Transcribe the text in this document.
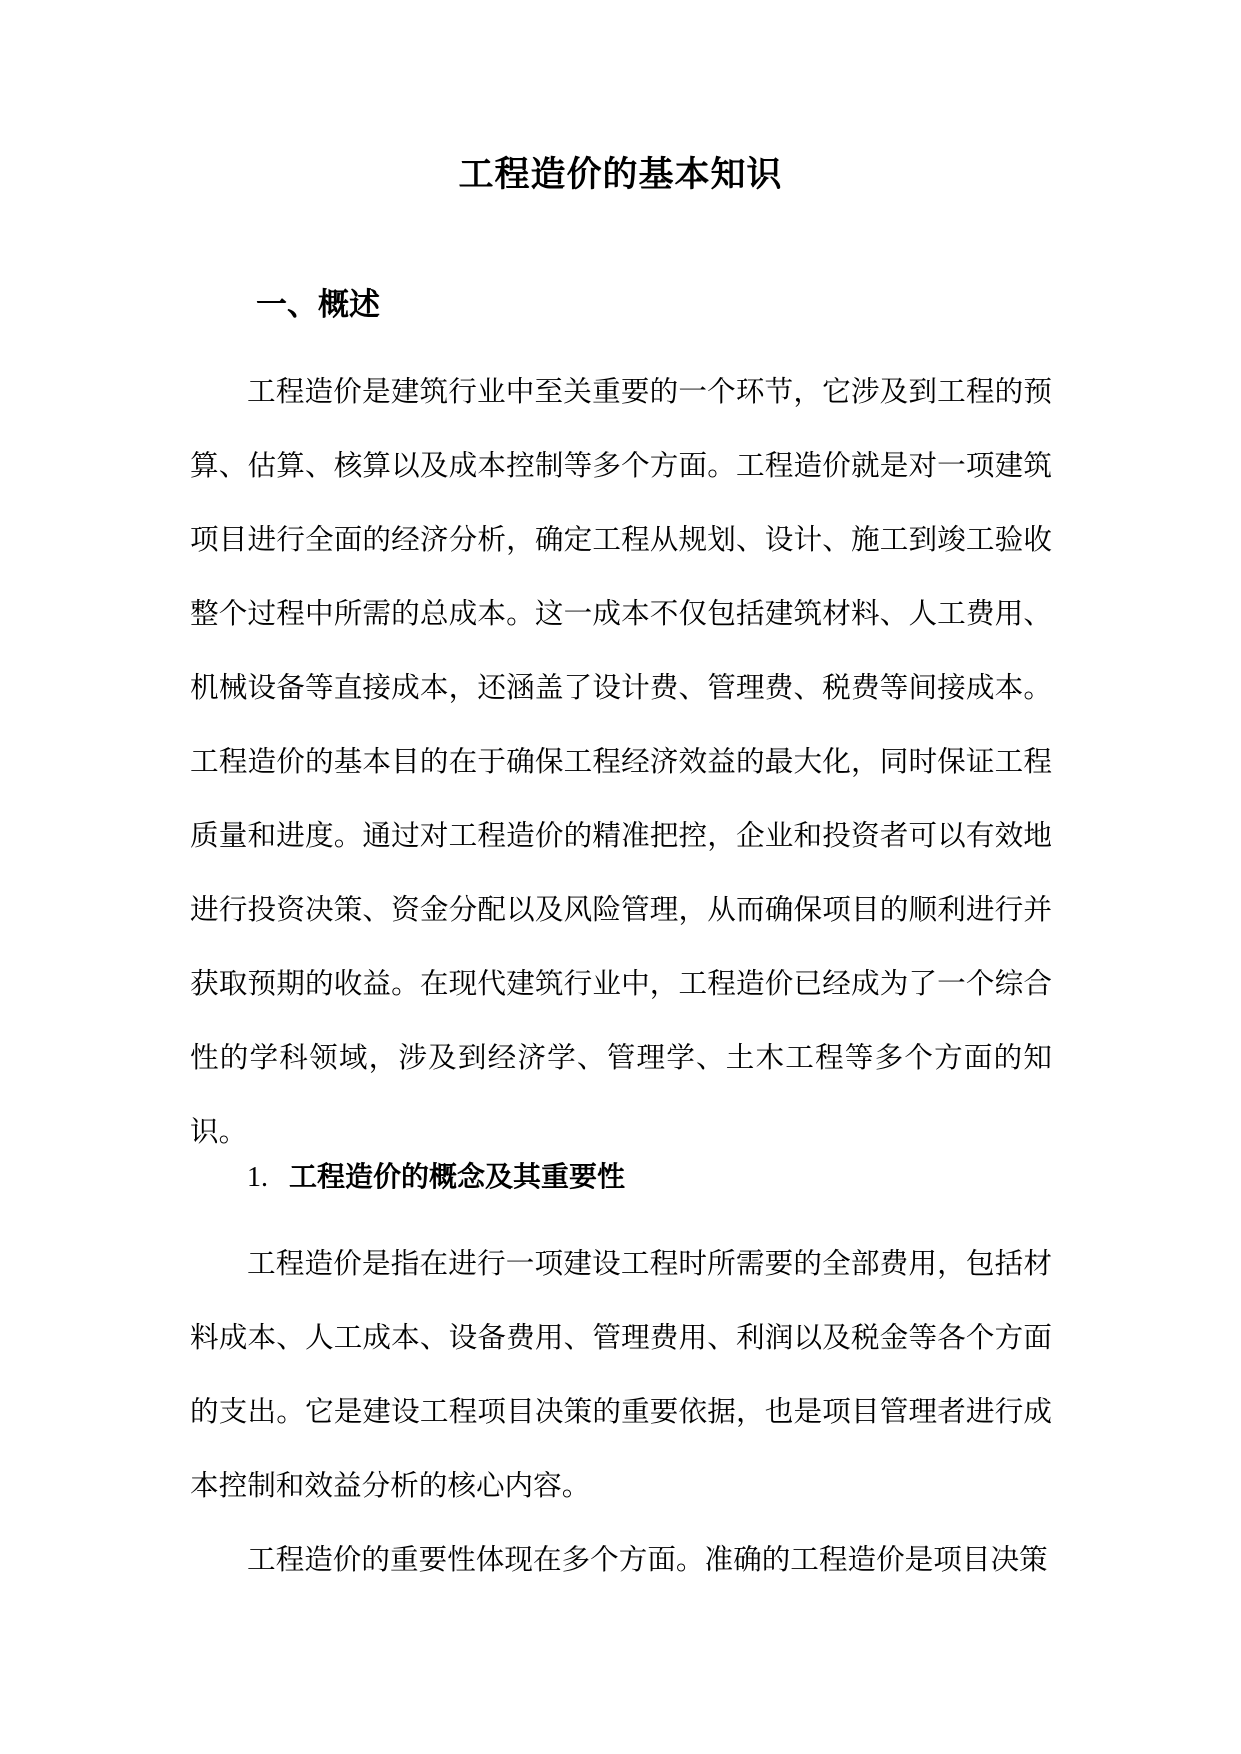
工程造价的基本知识
一、概述

工程造价是建筑行业中至关重要的一个环节，它涉及到工程的预算、估算、核算以及成本控制等多个方面。工程造价就是对一项建筑项目进行全面的经济分析，确定工程从规划、设计、施工到竣工验收整个过程中所需的总成本。这一成本不仅包括建筑材料、人工费用、机械设备等直接成本，还涵盖了设计费、管理费、税费等间接成本。工程造价的基本目的在于确保工程经济效益的最大化，同时保证工程质量和进度。通过对工程造价的精准把控，企业和投资者可以有效地进行投资决策、资金分配以及风险管理，从而确保项目的顺利进行并获取预期的收益。在现代建筑行业中，工程造价已经成为了一个综合性的学科领域，涉及到经济学、管理学、土木工程等多个方面的知识。

1. 工程造价的概念及其重要性

工程造价是指在进行一项建设工程时所需要的全部费用，包括材料成本、人工成本、设备费用、管理费用、利润以及税金等各个方面的支出。它是建设工程项目决策的重要依据，也是项目管理者进行成本控制和效益分析的核心内容。

工程造价的重要性体现在多个方面。准确的工程造价是项目决策
